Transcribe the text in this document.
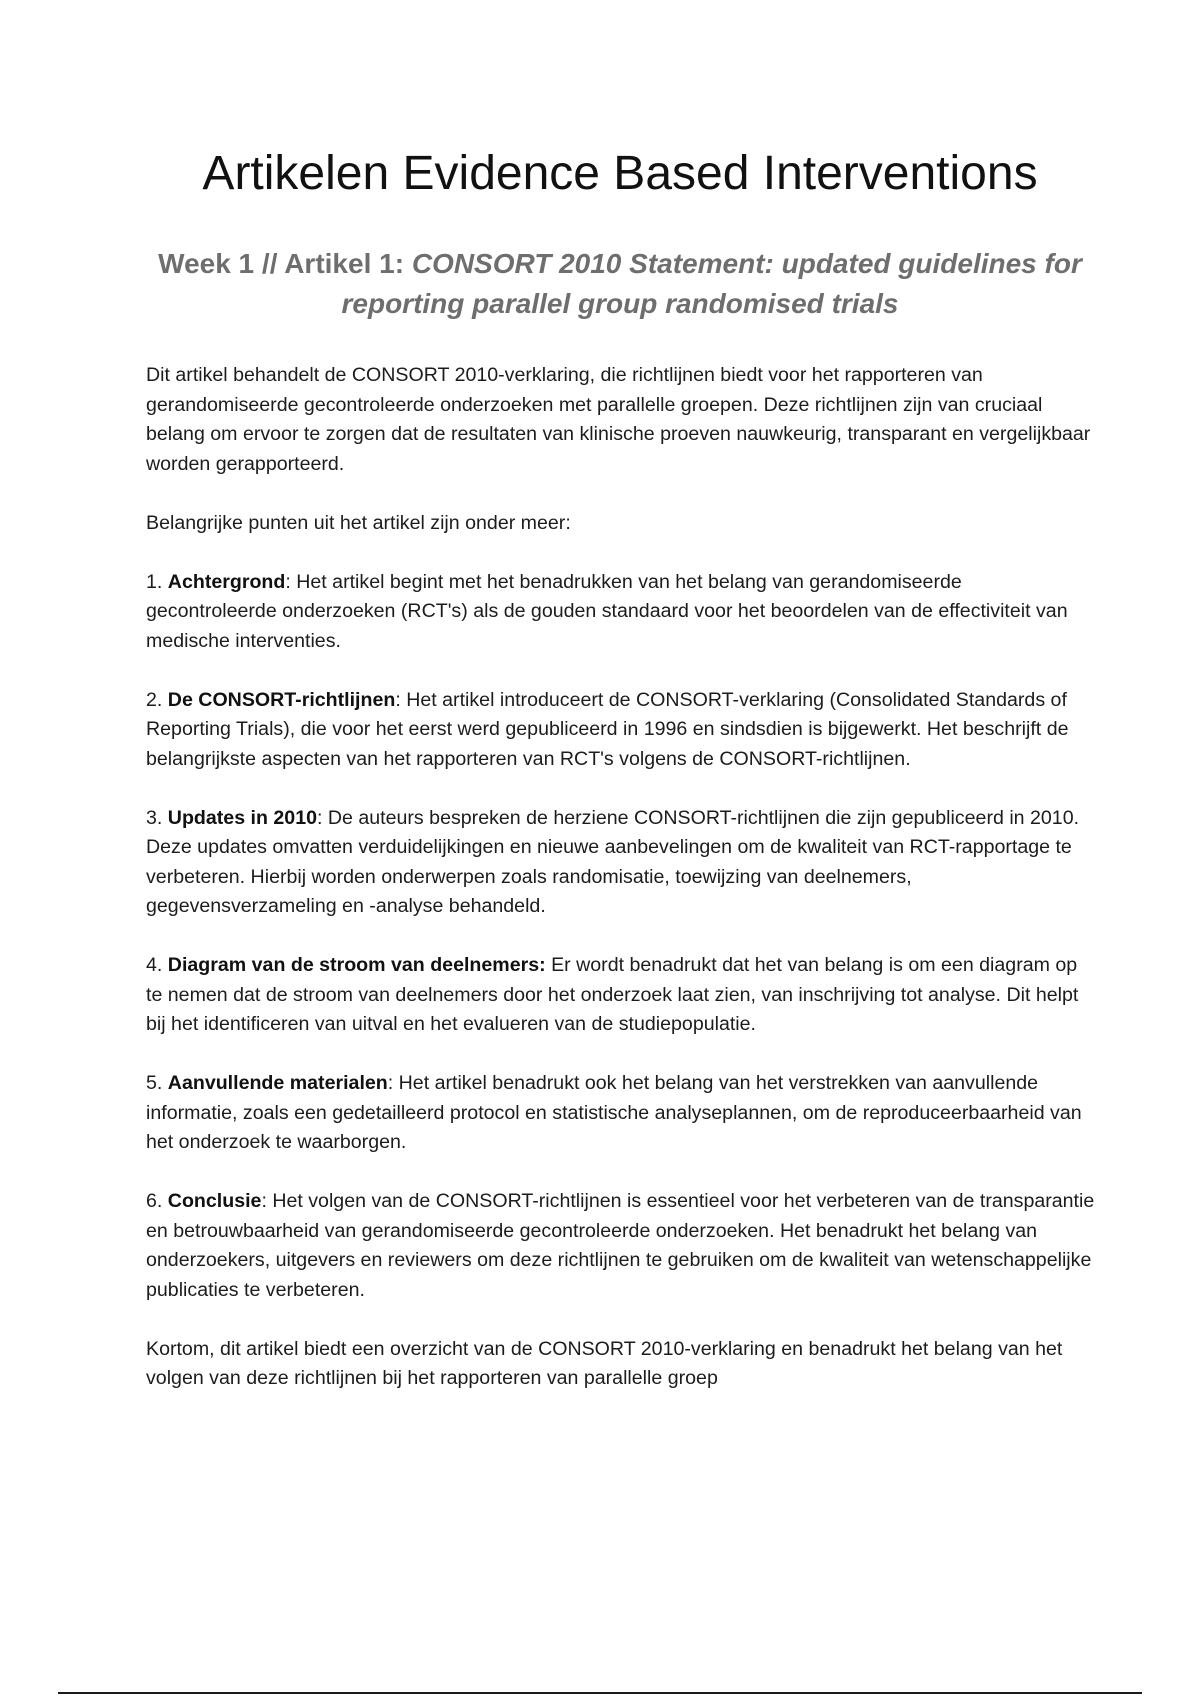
Artikelen Evidence Based Interventions
Week 1 // Artikel 1: CONSORT 2010 Statement: updated guidelines for reporting parallel group randomised trials

Dit artikel behandelt de CONSORT 2010-verklaring, die richtlijnen biedt voor het rapporteren van gerandomiseerde gecontroleerde onderzoeken met parallelle groepen. Deze richtlijnen zijn van cruciaal belang om ervoor te zorgen dat de resultaten van klinische proeven nauwkeurig, transparant en vergelijkbaar worden gerapporteerd.

Belangrijke punten uit het artikel zijn onder meer:

1. Achtergrond: Het artikel begint met het benadrukken van het belang van gerandomiseerde gecontroleerde onderzoeken (RCT's) als de gouden standaard voor het beoordelen van de effectiviteit van medische interventies.

2. De CONSORT-richtlijnen: Het artikel introduceert de CONSORT-verklaring (Consolidated Standards of Reporting Trials), die voor het eerst werd gepubliceerd in 1996 en sindsdien is bijgewerkt. Het beschrijft de belangrijkste aspecten van het rapporteren van RCT's volgens de CONSORT-richtlijnen.

3. Updates in 2010: De auteurs bespreken de herziene CONSORT-richtlijnen die zijn gepubliceerd in 2010. Deze updates omvatten verduidelijkingen en nieuwe aanbevelingen om de kwaliteit van RCT-rapportage te verbeteren. Hierbij worden onderwerpen zoals randomisatie, toewijzing van deelnemers, gegevensverzameling en -analyse behandeld.

4. Diagram van de stroom van deelnemers: Er wordt benadrukt dat het van belang is om een diagram op te nemen dat de stroom van deelnemers door het onderzoek laat zien, van inschrijving tot analyse. Dit helpt bij het identificeren van uitval en het evalueren van de studiepopulatie.

5. Aanvullende materialen: Het artikel benadrukt ook het belang van het verstrekken van aanvullende informatie, zoals een gedetailleerd protocol en statistische analyseplannen, om de reproduceerbaarheid van het onderzoek te waarborgen.

6. Conclusie: Het volgen van de CONSORT-richtlijnen is essentieel voor het verbeteren van de transparantie en betrouwbaarheid van gerandomiseerde gecontroleerde onderzoeken. Het benadrukt het belang van onderzoekers, uitgevers en reviewers om deze richtlijnen te gebruiken om de kwaliteit van wetenschappelijke publicaties te verbeteren.

Kortom, dit artikel biedt een overzicht van de CONSORT 2010-verklaring en benadrukt het belang van het volgen van deze richtlijnen bij het rapporteren van parallelle groep
